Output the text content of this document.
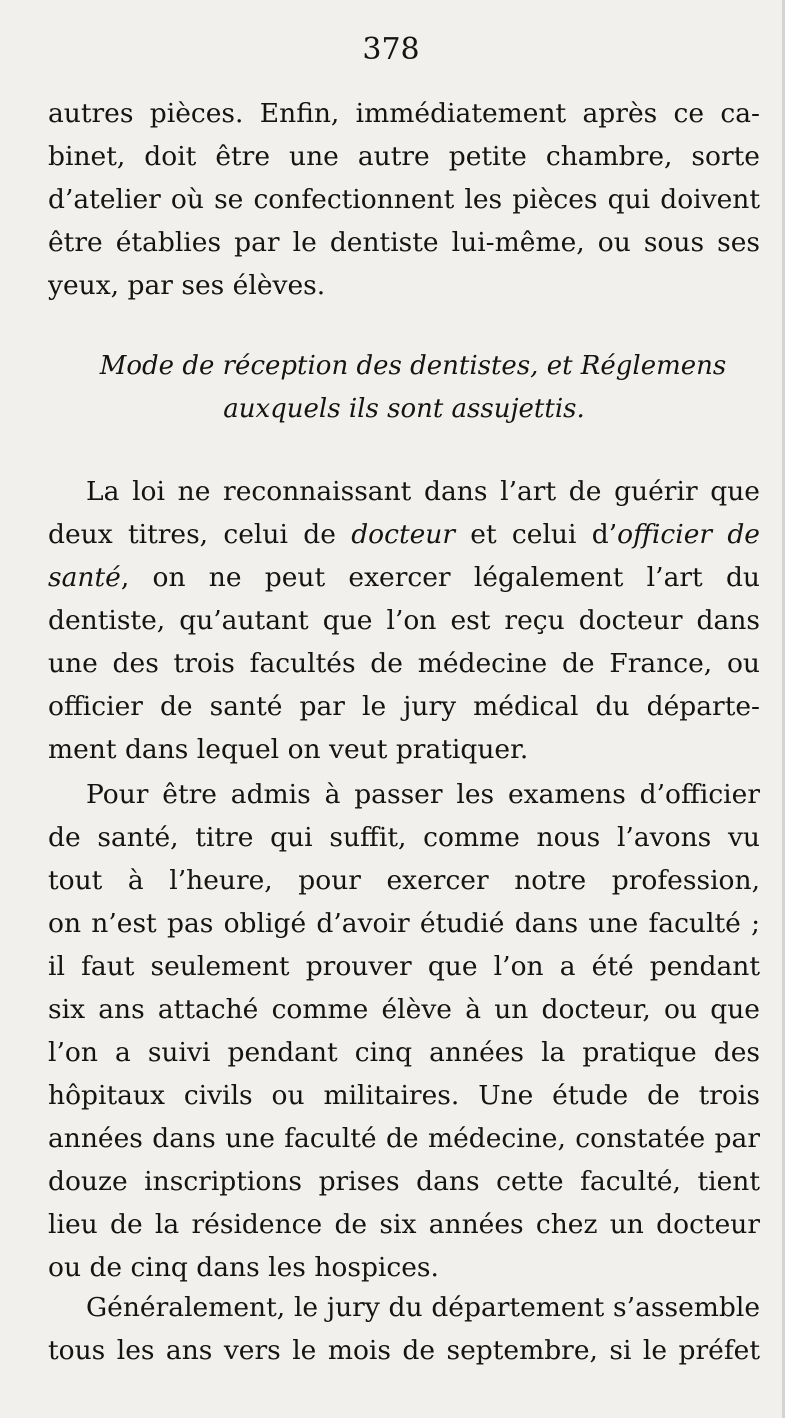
378
autres pièces. Enfin, immédiatement après ce ca-
binet, doit être une autre petite chambre, sorte
d’atelier où se confectionnent les pièces qui doivent
être établies par le dentiste lui-même, ou sous ses
yeux, par ses élèves.
Mode de réception des dentistes, et Réglemens
auxquels ils sont assujettis.
La loi ne reconnaissant dans l’art de guérir que
deux titres, celui de docteur et celui d’officier de
santé, on ne peut exercer légalement l’art du
dentiste, qu’autant que l’on est reçu docteur dans
une des trois facultés de médecine de France, ou
officier de santé par le jury médical du départe-
ment dans lequel on veut pratiquer.
Pour être admis à passer les examens d’officier
de santé, titre qui suffit, comme nous l’avons vu
tout à l’heure, pour exercer notre profession,
on n’est pas obligé d’avoir étudié dans une faculté ;
il faut seulement prouver que l’on a été pendant
six ans attaché comme élève à un docteur, ou que
l’on a suivi pendant cinq années la pratique des
hôpitaux civils ou militaires. Une étude de trois
années dans une faculté de médecine, constatée par
douze inscriptions prises dans cette faculté, tient
lieu de la résidence de six années chez un docteur
ou de cinq dans les hospices.
Généralement, le jury du département s’assemble
tous les ans vers le mois de septembre, si le préfet
